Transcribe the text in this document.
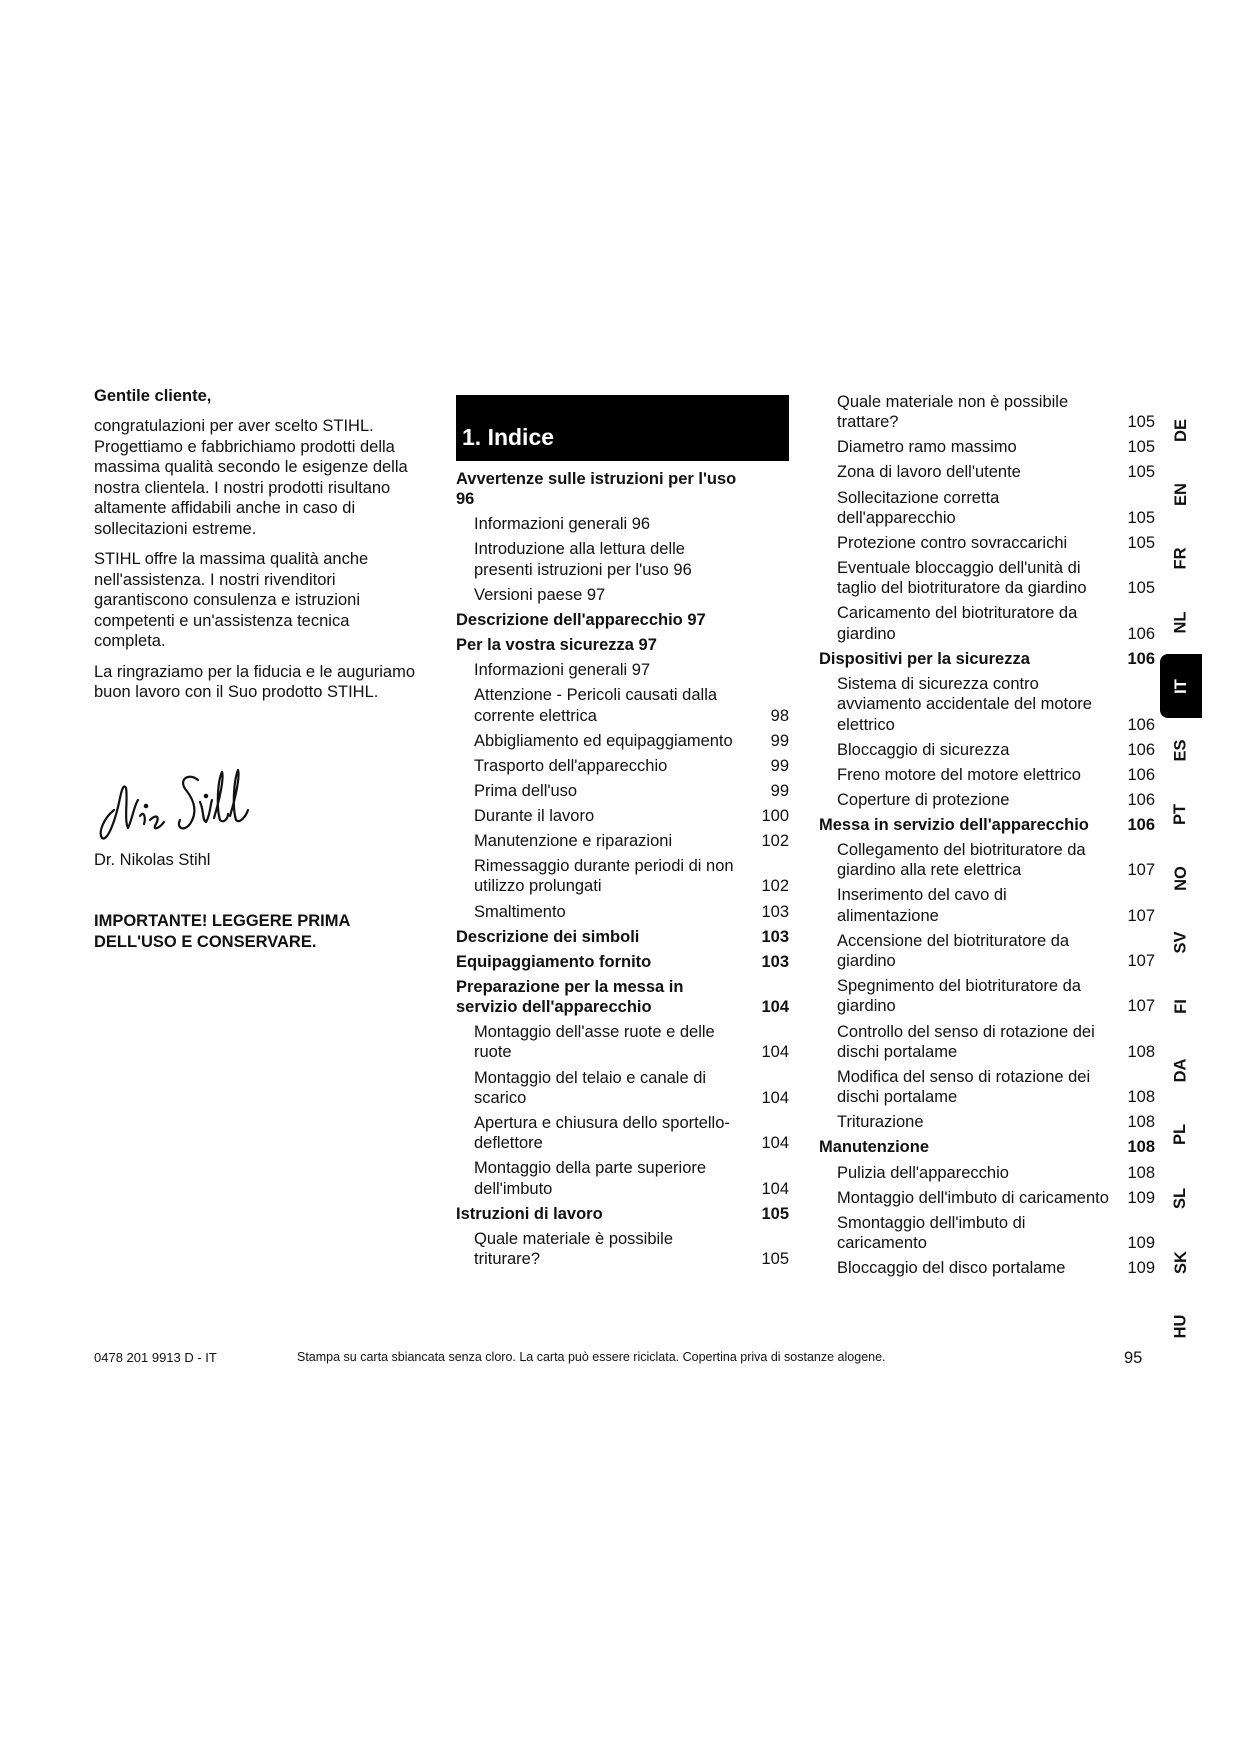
Gentile cliente,

congratulazioni per aver scelto STIHL. Progettiamo e fabbrichiamo prodotti della massima qualità secondo le esigenze della nostra clientela. I nostri prodotti risultano altamente affidabili anche in caso di sollecitazioni estreme.

STIHL offre la massima qualità anche nell'assistenza. I nostri rivenditori garantiscono consulenza e istruzioni competenti e un'assistenza tecnica completa.

La ringraziamo per la fiducia e le auguriamo buon lavoro con il Suo prodotto STIHL.

Dr. Nikolas Stihl
IMPORTANTE! LEGGERE PRIMA DELL'USO E CONSERVARE.
1. Indice
Avvertenze sulle istruzioni per l'uso 96
Informazioni generali 96
Introduzione alla lettura delle presenti istruzioni per l'uso 96
Versioni paese 97
Descrizione dell'apparecchio 97
Per la vostra sicurezza 97
Informazioni generali 97
Attenzione - Pericoli causati dalla corrente elettrica	98
Abbigliamento ed equipaggiamento	99
Trasporto dell'apparecchio	99
Prima dell'uso	99
Durante il lavoro	100
Manutenzione e riparazioni	102
Rimessaggio durante periodi di non utilizzo prolungati	102
Smaltimento	103
Descrizione dei simboli	103
Equipaggiamento fornito	103
Preparazione per la messa in servizio dell'apparecchio	104
Montaggio dell'asse ruote e delle ruote	104
Montaggio del telaio e canale di scarico	104
Apertura e chiusura dello sportello-deflettore	104
Montaggio della parte superiore dell'imbuto	104
Istruzioni di lavoro	105
Quale materiale è possibile triturare?	105
Quale materiale non è possibile trattare?	105
Diametro ramo massimo	105
Zona di lavoro dell'utente	105
Sollecitazione corretta dell'apparecchio	105
Protezione contro sovraccarichi	105
Eventuale bloccaggio dell'unità di taglio del biotrituratore da giardino	105
Caricamento del biotrituratore da giardino	106
Dispositivi per la sicurezza	106
Sistema di sicurezza contro avviamento accidentale del motore elettrico	106
Bloccaggio di sicurezza	106
Freno motore del motore elettrico	106
Coperture di protezione	106
Messa in servizio dell'apparecchio	106
Collegamento del biotrituratore da giardino alla rete elettrica	107
Inserimento del cavo di alimentazione	107
Accensione del biotrituratore da giardino	107
Spegnimento del biotrituratore da giardino	107
Controllo del senso di rotazione dei dischi portalame	108
Modifica del senso di rotazione dei dischi portalame	108
Triturazione	108
Manutenzione	108
Pulizia dell'apparecchio	108
Montaggio dell'imbuto di caricamento	109
Smontaggio dell'imbuto di caricamento	109
Bloccaggio del disco portalame	109
DE
EN
FR
NL
IT
ES
PT
NO
SV
FI
DA
PL
SL
SK
HU
0478 201 9913 D - IT	Stampa su carta sbiancata senza cloro. La carta può essere riciclata. Copertina priva di sostanze alogene.	95
